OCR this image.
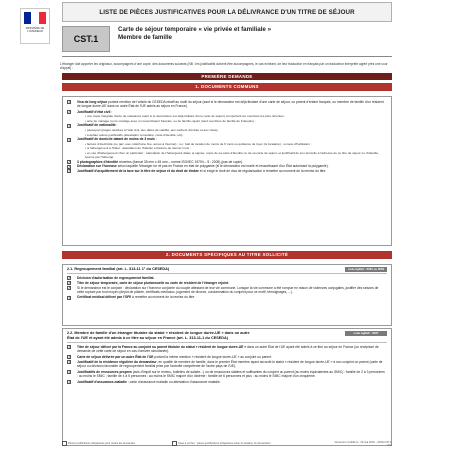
MINISTÈRE DE L'INTÉRIEUR
LISTE DE PIÈCES JUSTIFICATIVES POUR LA DÉLIVRANCE D'UN TITRE DE SÉJOUR
CST.1
Carte de séjour temporaire « vie privée et familiale »
Membre de famille
L'étranger doit apporter les originaux, accompagnés d'une copie, des documents suivants (NB : les justificatifs doivent être accompagnés, le cas échéant, de leur traduction en français par un traducteur interprète agréé près une cour d'appel) :
PREMIÈRE DEMANDE
1. DOCUMENTS COMMUNS
✓ Visa de long séjour portant mention de l'article du CESEDA relatif au motif du séjour (sauf si le demandeur est déjà titulaire d'une carte de séjour, ou parent d'enfant français, ou membre de famille d'un résident de longue durée-UE dans un autre État de l'UE admis au séjour en France).
✓ Justificatif d'état civil :
• une copie intégrale d'acte de naissance (sauf si le demandeur est déjà titulaire d'une carte de séjour) comportant les mentions les plus récentes ;
• acte de mariage (ou le mariage avec un ressortissant français, ou de famille rejoint (sauf membres de famille de Français) ;
✓ Justificatif de nationalité :
• passeport (pages relatives à l'état civil, aux dates de validité, aux cachets d'entrée et aux visas) ;
• à défaut autres justificatifs (attestation consulaire, carte d'identité, etc).
✓ Justificatif de domicile datant de moins de 3 mois :
• facture d'électricité (ou gaz, eau, téléphone fixe, accès à Internet) ; ou : bail de location de moins de 6 mois ou quittance de loyer (si locataire) ; ou taxe d'habitation ;
• si hébergement à l'hôtel : attestation de l'hôtelier et facture du dernier mois ;
• en cas d'hébergement chez un particulier : attestation de l'hébergeant datée et signée, copie de sa carte d'identité ou de sa carte de séjour, et justificatif de son domicile à l'adresse de ce titre de séjour ou d'identité, fournie par l'hébergé.
✓ 3 photographies d'identité récentes (format 35 mm x 45 mm – norme ISO/IEC 19794 – 5 : 2005) (pas de copie).
✓ Déclaration sur l'honneur selon laquelle l'étranger ne vit pas en France en état de polygamie (si le demandeur est marié et ressortissant d'un État autorisant la polygamie).
✓ Justificatif d'acquittement de la taxe sur le titre de séjour et du droit de timbre et si exigé le droit de visa de régularisation à remettre au moment de la remise du titre.
2. DOCUMENTS SPÉCIFIQUES AU TITRE SOLLICITÉ
2.1. Regroupement familial (art. L. 313-11 1° du CESEDA)	code AgDeF : 0001 ou 0052
✓ Décision d'autorisation de regroupement familial.
✓ Titre de séjour temporaire, carte de séjour pluriannuelle ou carte de résident de l'étranger rejoint.
✓ Si le demandeur est le conjoint : déclaration sur l'honneur conjointe du couple attestant de leur vie commune. Lorsque la vie commune a été rompue en raison de violences conjugales, justifier des raisons de cette rupture par tout moyen (dépôt de plainte, certificats médicaux, jugement de divorce, condamnation du conjoint pour ce motif, témoignages, ...).
✓ Certificat médical délivré par l'OFII à remettre au moment de la remise du titre.
2.2. Membre de famille d'un étranger titulaire du statut « résident de longue durée-UE » dans un autre
État de l'UE et ayant été admis à ce titre au séjour en France (art. L. 313-11-1 du CESEDA)
code AgDeF : 0027
✓ Titre de séjour délivré par la France au conjoint ou parent titulaire du statut « résident de longue durée-UE » dans un autre État de l'UE ayant été admis à ce titre au séjour en France (ou récépissé de demande de cette carte de séjour en cas d'arrivée simultanée).
✓ Carte de séjour délivrée par un autre État de l'UE portant la même mention « résident de longue durée-UE » au conjoint ou parent.
✓ Justificatif de la résidence régulière du demandeur, en qualité de membre de famille, dans le premier État membre ayant accordé le statut « résident de longue durée-UE » à son conjoint ou parent (carte de séjour ou décision favorable de regroupement familial prise par l'autorité compétente de l'autre pays de l'UE).
✓ Justificatifs de ressources propres (avis d'impôt sur le revenu, bulletins de salaire...) ou de ressources stables et suffisantes du conjoint ou parent (au moins équivalentes au SMIC) : famille de 2 à 3 personnes : au moins le SMIC ; famille de 4 à 5 personnes : au moins le SMIC majoré d'un dixième ; famille de 6 personnes et plus : au moins le SMIC majoré d'un cinquième.
✓ Justificatif d'assurance-maladie : carte d'assurance maladie ou attestation d'assurance maladie.
Pièces justificatives obligatoires pour toutes les demandes	Case à cocher : pièces justificatives obligatoires selon la situation du demandeur	Document modifié le : 29 mai 2015 – MOD-CST1-A01
